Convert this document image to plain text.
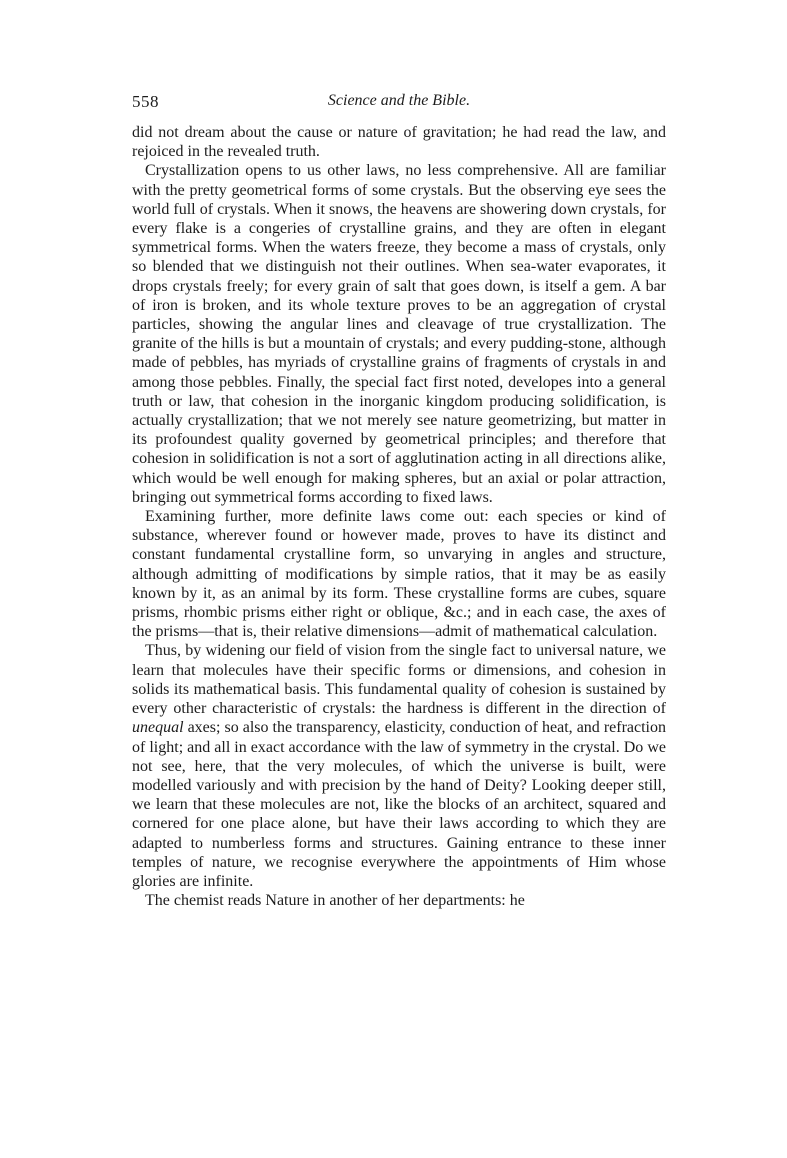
558	Science and the Bible.

did not dream about the cause or nature of gravitation; he had read the law, and rejoiced in the revealed truth.

Crystallization opens to us other laws, no less comprehensive. All are familiar with the pretty geometrical forms of some crystals. But the observing eye sees the world full of crystals. When it snows, the heavens are showering down crystals, for every flake is a congeries of crystalline grains, and they are often in elegant symmetrical forms. When the waters freeze, they become a mass of crystals, only so blended that we distinguish not their outlines. When sea-water evaporates, it drops crystals freely; for every grain of salt that goes down, is itself a gem. A bar of iron is broken, and its whole texture proves to be an aggregation of crystal particles, showing the angular lines and cleavage of true crystallization. The granite of the hills is but a mountain of crystals; and every pudding-stone, although made of pebbles, has myriads of crystalline grains of fragments of crystals in and among those pebbles. Finally, the special fact first noted, developes into a general truth or law, that cohesion in the inorganic kingdom producing solidification, is actually crystallization; that we not merely see nature geometrizing, but matter in its profoundest quality governed by geometrical principles; and therefore that cohesion in solidification is not a sort of agglutination acting in all directions alike, which would be well enough for making spheres, but an axial or polar attraction, bringing out symmetrical forms according to fixed laws.

Examining further, more definite laws come out: each species or kind of substance, wherever found or however made, proves to have its distinct and constant fundamental crystalline form, so unvarying in angles and structure, although admitting of modifications by simple ratios, that it may be as easily known by it, as an animal by its form. These crystalline forms are cubes, square prisms, rhombic prisms either right or oblique, &c.; and in each case, the axes of the prisms—that is, their relative dimensions—admit of mathematical calculation.

Thus, by widening our field of vision from the single fact to universal nature, we learn that molecules have their specific forms or dimensions, and cohesion in solids its mathematical basis. This fundamental quality of cohesion is sustained by every other characteristic of crystals: the hardness is different in the direction of unequal axes; so also the transparency, elasticity, conduction of heat, and refraction of light; and all in exact accordance with the law of symmetry in the crystal. Do we not see, here, that the very molecules, of which the universe is built, were modelled variously and with precision by the hand of Deity? Looking deeper still, we learn that these molecules are not, like the blocks of an architect, squared and cornered for one place alone, but have their laws according to which they are adapted to numberless forms and structures. Gaining entrance to these inner temples of nature, we recognise everywhere the appointments of Him whose glories are infinite.

The chemist reads Nature in another of her departments: he
